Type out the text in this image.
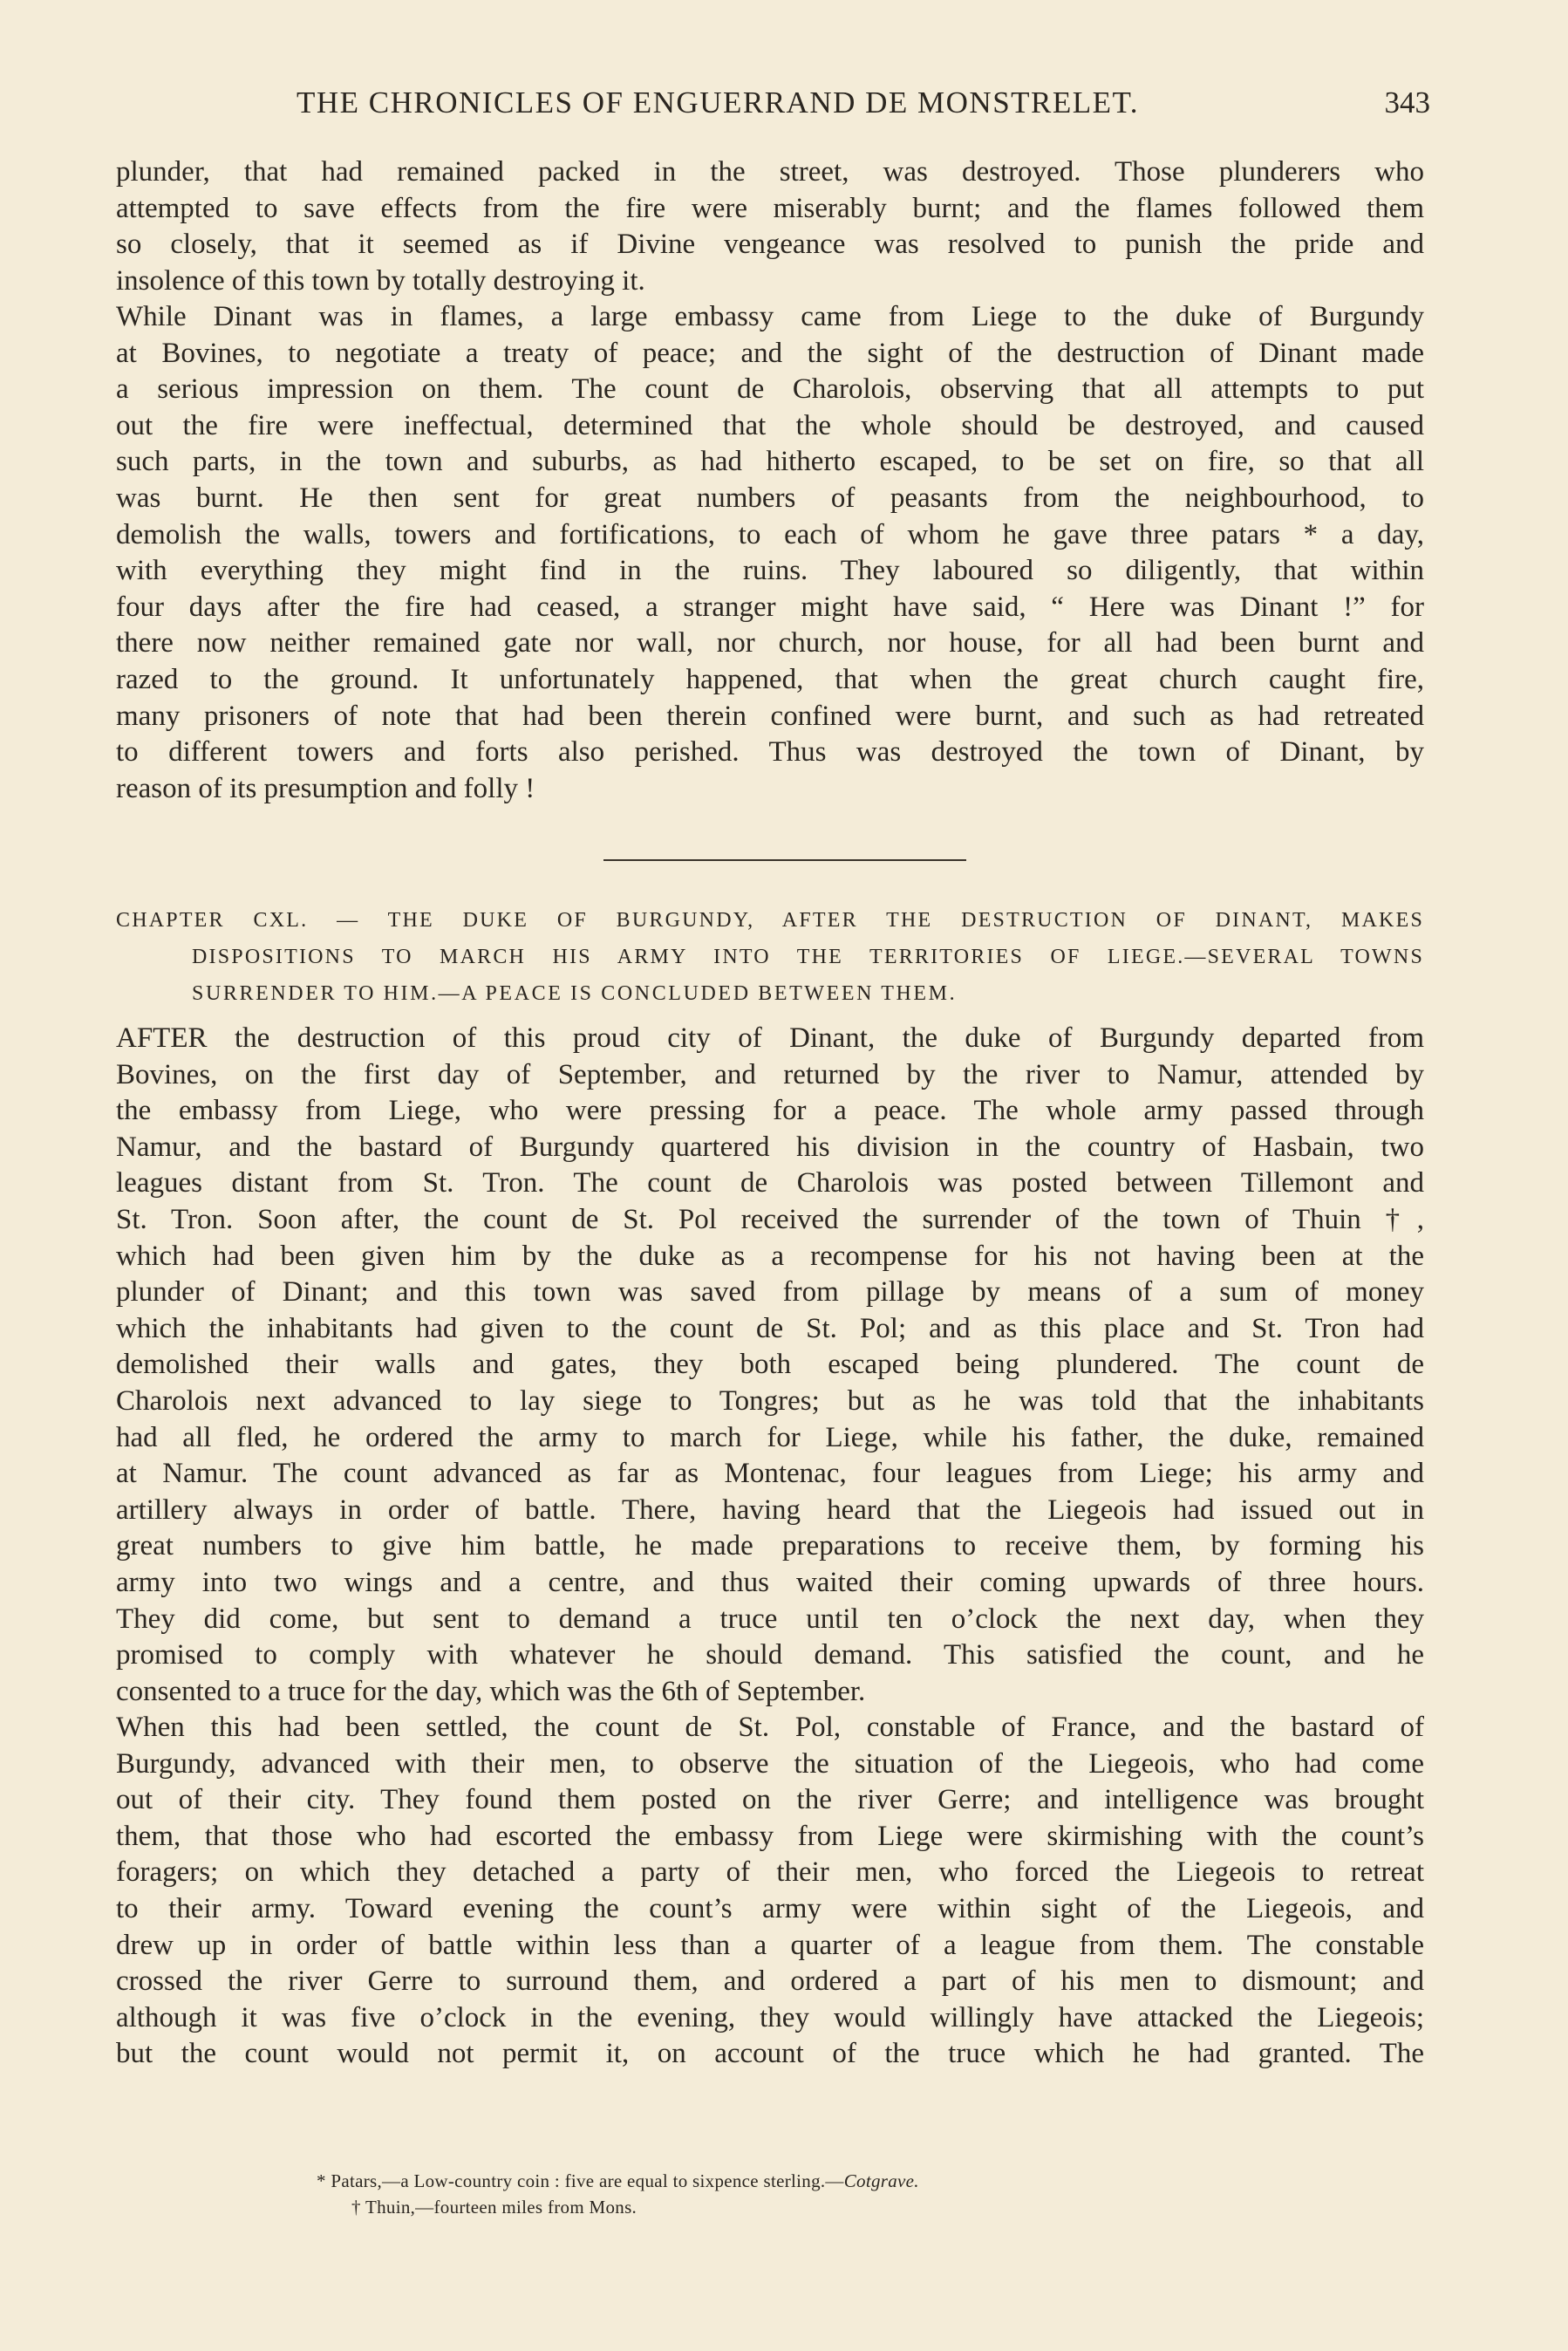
THE CHRONICLES OF ENGUERRAND DE MONSTRELET.	343
plunder, that had remained packed in the street, was destroyed. Those plunderers who
attempted to save effects from the fire were miserably burnt; and the flames followed them
so closely, that it seemed as if Divine vengeance was resolved to punish the pride and
insolence of this town by totally destroying it.
While Dinant was in flames, a large embassy came from Liege to the duke of Burgundy
at Bovines, to negotiate a treaty of peace; and the sight of the destruction of Dinant made
a serious impression on them. The count de Charolois, observing that all attempts to put
out the fire were ineffectual, determined that the whole should be destroyed, and caused
such parts, in the town and suburbs, as had hitherto escaped, to be set on fire, so that all
was burnt. He then sent for great numbers of peasants from the neighbourhood, to
demolish the walls, towers and fortifications, to each of whom he gave three patars * a day,
with everything they might find in the ruins. They laboured so diligently, that within
four days after the fire had ceased, a stranger might have said, “ Here was Dinant !” for
there now neither remained gate nor wall, nor church, nor house, for all had been burnt and
razed to the ground. It unfortunately happened, that when the great church caught fire,
many prisoners of note that had been therein confined were burnt, and such as had retreated
to different towers and forts also perished. Thus was destroyed the town of Dinant, by
reason of its presumption and folly !
CHAPTER CXL. — THE DUKE OF BURGUNDY, AFTER THE DESTRUCTION OF DINANT, MAKES
DISPOSITIONS TO MARCH HIS ARMY INTO THE TERRITORIES OF LIEGE.—SEVERAL TOWNS
SURRENDER TO HIM.—A PEACE IS CONCLUDED BETWEEN THEM.
AFTER the destruction of this proud city of Dinant, the duke of Burgundy departed from
Bovines, on the first day of September, and returned by the river to Namur, attended by
the embassy from Liege, who were pressing for a peace. The whole army passed through
Namur, and the bastard of Burgundy quartered his division in the country of Hasbain, two
leagues distant from St. Tron. The count de Charolois was posted between Tillemont and
St. Tron. Soon after, the count de St. Pol received the surrender of the town of Thuin †,
which had been given him by the duke as a recompense for his not having been at the
plunder of Dinant; and this town was saved from pillage by means of a sum of money
which the inhabitants had given to the count de St. Pol; and as this place and St. Tron had
demolished their walls and gates, they both escaped being plundered. The count de
Charolois next advanced to lay siege to Tongres; but as he was told that the inhabitants
had all fled, he ordered the army to march for Liege, while his father, the duke, remained
at Namur. The count advanced as far as Montenac, four leagues from Liege; his army and
artillery always in order of battle. There, having heard that the Liegeois had issued out in
great numbers to give him battle, he made preparations to receive them, by forming his
army into two wings and a centre, and thus waited their coming upwards of three hours.
They did come, but sent to demand a truce until ten o’clock the next day, when they
promised to comply with whatever he should demand. This satisfied the count, and he
consented to a truce for the day, which was the 6th of September.
When this had been settled, the count de St. Pol, constable of France, and the bastard of
Burgundy, advanced with their men, to observe the situation of the Liegeois, who had come
out of their city. They found them posted on the river Gerre; and intelligence was brought
them, that those who had escorted the embassy from Liege were skirmishing with the count’s
foragers; on which they detached a party of their men, who forced the Liegeois to retreat
to their army. Toward evening the count’s army were within sight of the Liegeois, and
drew up in order of battle within less than a quarter of a league from them. The constable
crossed the river Gerre to surround them, and ordered a part of his men to dismount; and
although it was five o’clock in the evening, they would willingly have attacked the Liegeois;
but the count would not permit it, on account of the truce which he had granted. The
* Patars,—a Low-country coin : five are equal to sixpence sterling.—Cotgrave.
† Thuin,—fourteen miles from Mons.
